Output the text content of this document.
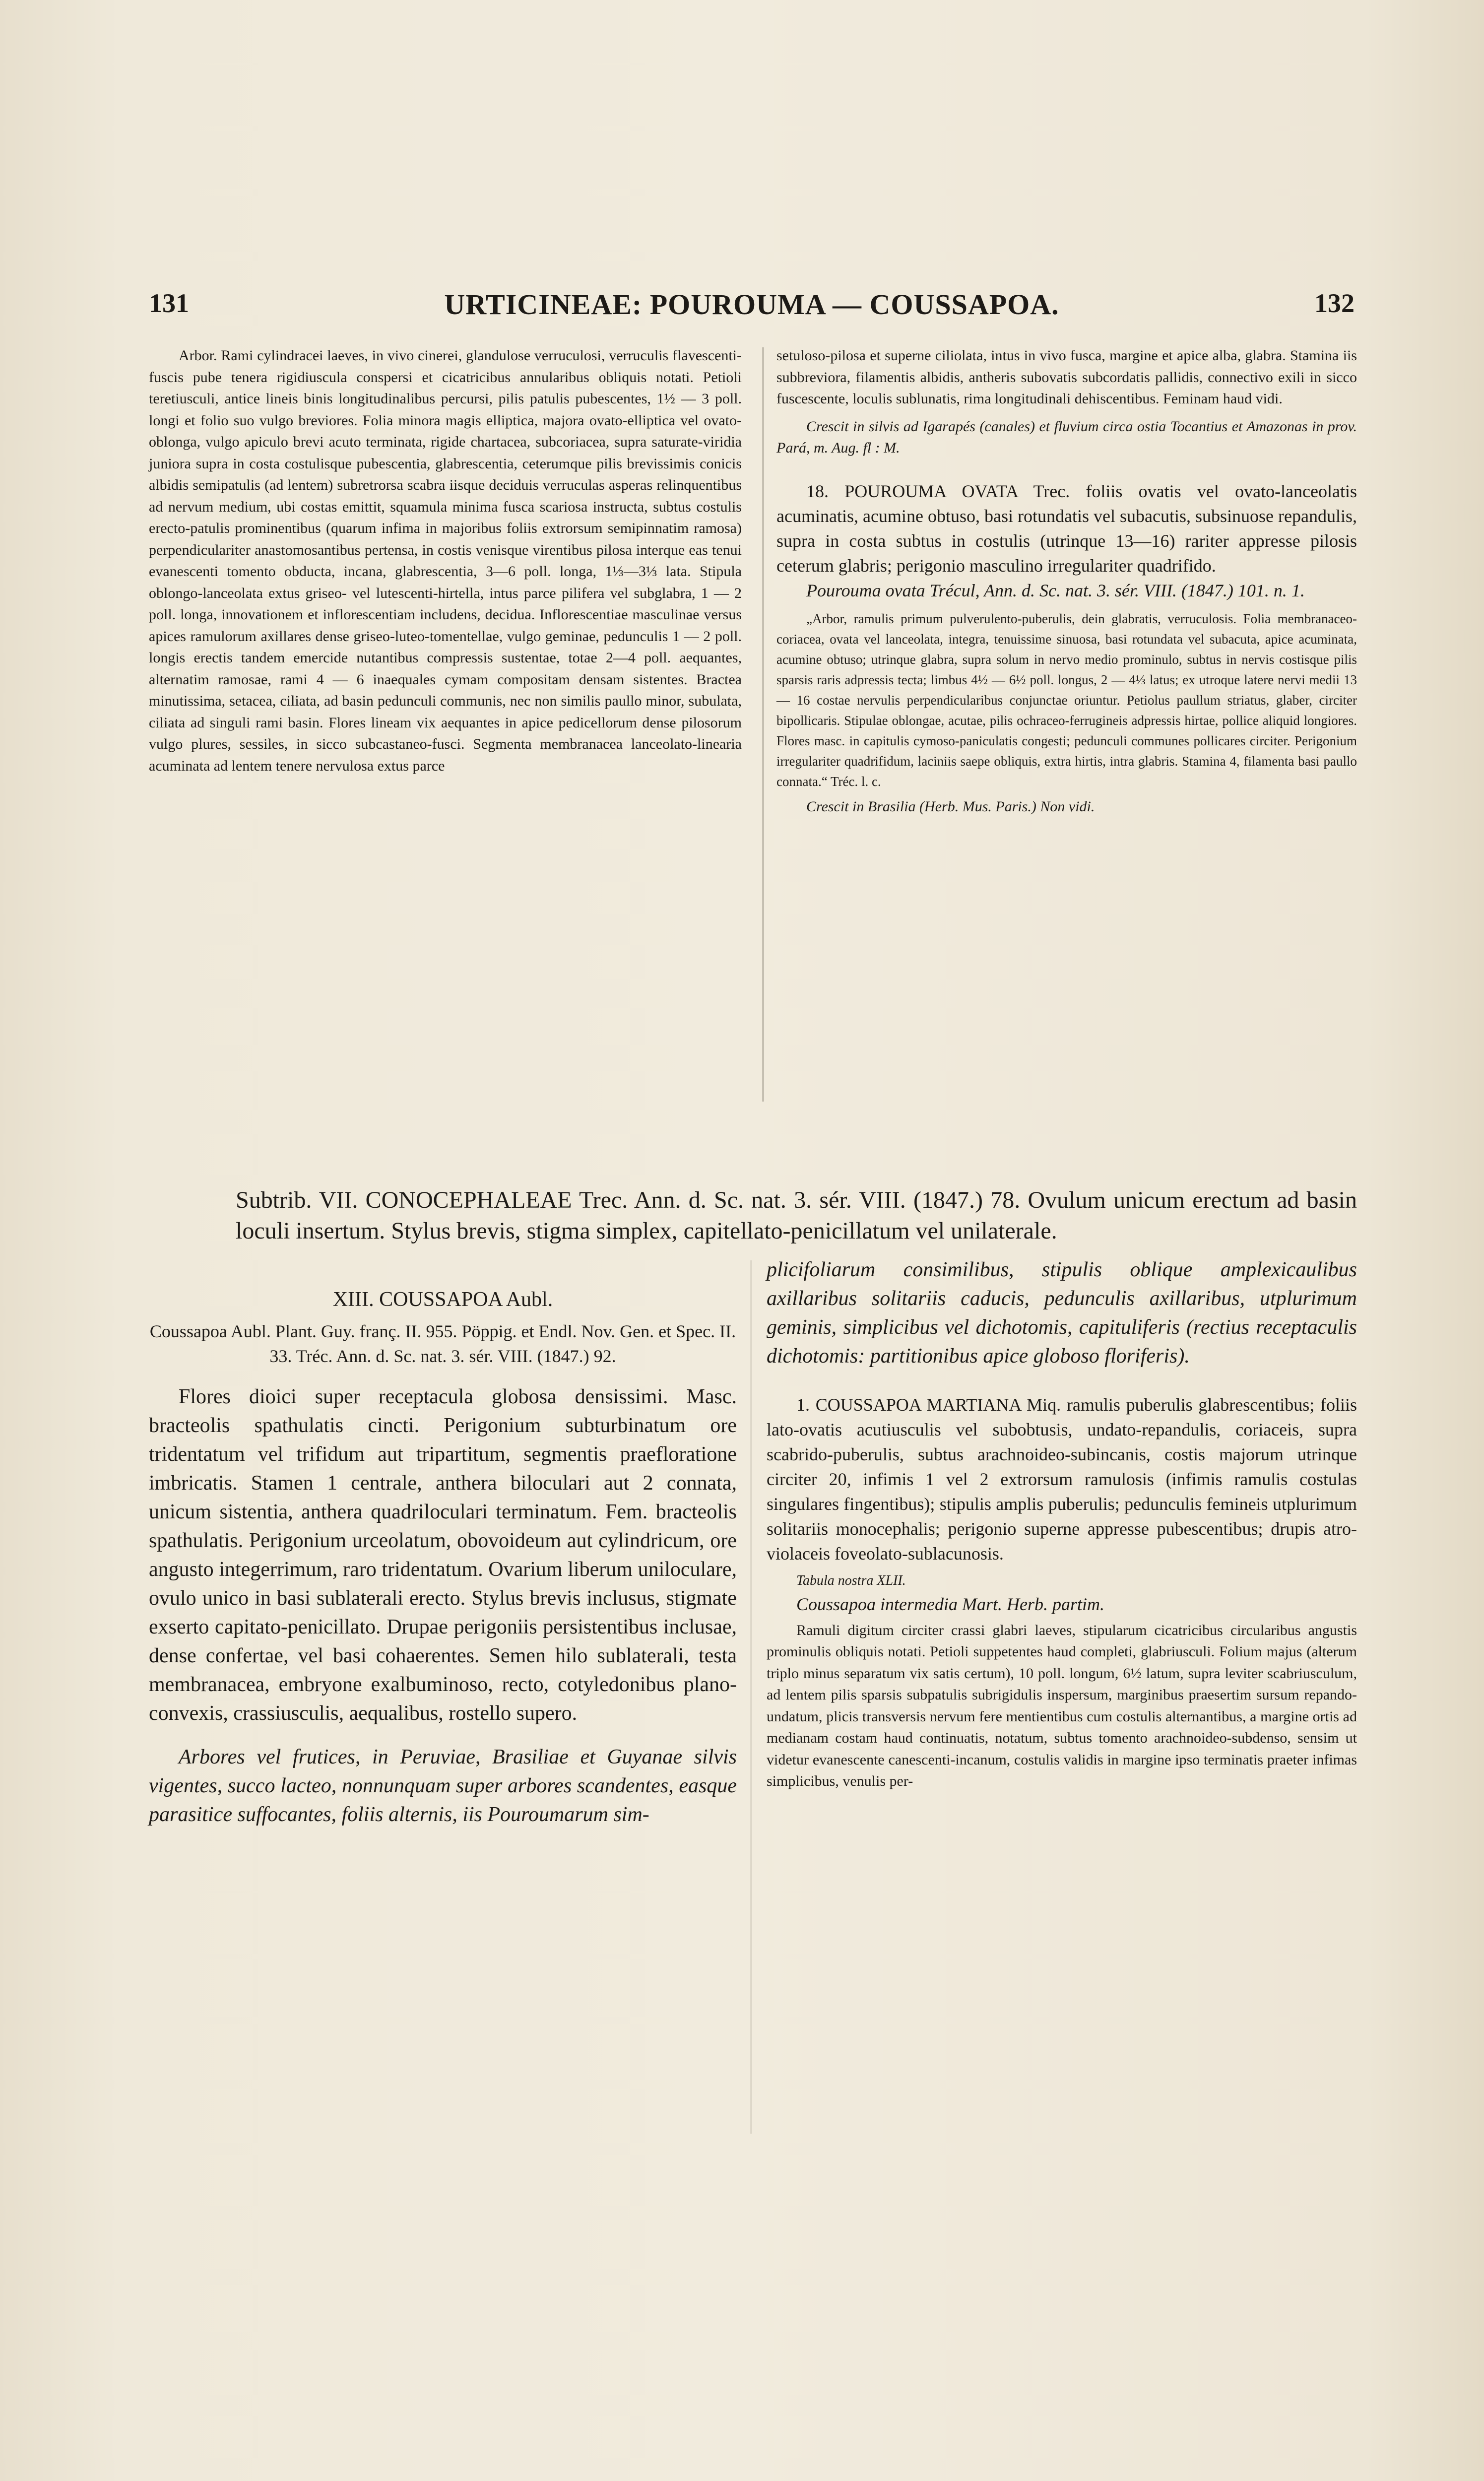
131	URTICINEAE: POUROUMA — COUSSAPOA.	132

Arbor. Rami cylindracei laeves, in vivo cinerei, glandulose verruculosi, verruculis flavescenti-fuscis pube tenera rigidiuscula conspersi et cicatricibus annularibus obliquis notati. Petioli teretiusculi, antice lineis binis longitudinalibus percursi, pilis patulis pubescentes, 1½ — 3 poll. longi et folio suo vulgo breviores. Folia minora magis elliptica, majora ovato-elliptica vel ovato-oblonga, vulgo apiculo brevi acuto terminata, rigide chartacea, subcoriacea, supra saturate-viridia juniora supra in costa costulisque pubescentia, glabrescentia, ceterumque pilis brevissimis conicis albidis semipatulis (ad lentem) subretrorsa scabra iisque deciduis verruculas asperas relinquentibus ad nervum medium, ubi costas emittit, squamula minima fusca scariosa instructa, subtus costulis erecto-patulis prominentibus (quarum infima in majoribus foliis extrorsum semipinnatim ramosa) perpendiculariter anastomosantibus pertensa, in costis venisque virentibus pilosa interque eas tenui evanescenti tomento obducta, incana, glabrescentia, 3—6 poll. longa, 1⅓—3⅓ lata. Stipula oblongo-lanceolata extus griseo- vel lutescenti-hirtella, intus parce pilifera vel subglabra, 1 — 2 poll. longa, innovationem et inflorescentiam includens, decidua. Inflorescentiae masculinae versus apices ramulorum axillares dense griseo-luteo-tomentellae, vulgo geminae, pedunculis 1 — 2 poll. longis erectis tandem emercide nutantibus compressis sustentae, totae 2—4 poll. aequantes, alternatim ramosae, rami 4 — 6 inaequales cymam compositam densam sistentes. Bractea minutissima, setacea, ciliata, ad basin pedunculi communis, nec non similis paullo minor, subulata, ciliata ad singuli rami basin. Flores lineam vix aequantes in apice pedicellorum dense pilosorum vulgo plures, sessiles, in sicco subcastaneo-fusci. Segmenta membranacea lanceolato-linearia acuminata ad lentem tenere nervulosa extus parce

setuloso-pilosa et superne ciliolata, intus in vivo fusca, margine et apice alba, glabra. Stamina iis subbreviora, filamentis albidis, antheris subovatis subcordatis pallidis, connectivo exili in sicco fuscescente, loculis sublunatis, rima longitudinali dehiscentibus. Feminam haud vidi.

Crescit in silvis ad Igarapés (canales) et fluvium circa ostia Tocantius et Amazonas in prov. Pará, m. Aug. fl : M.

18. POUROUMA OVATA Trec. foliis ovatis vel ovato-lanceolatis acuminatis, acumine obtuso, basi rotundatis vel subacutis, subsinuose repandulis, supra in costa subtus in costulis (utrinque 13—16) rariter appresse pilosis ceterum glabris; perigonio masculino irregulariter quadrifido.

Pourouma ovata Trécul, Ann. d. Sc. nat. 3. sér. VIII. (1847.) 101. n. 1.

„Arbor, ramulis primum pulverulento-puberulis, dein glabratis, verruculosis. Folia membranaceo-coriacea, ovata vel lanceolata, integra, tenuissime sinuosa, basi rotundata vel subacuta, apice acuminata, acumine obtuso; utrinque glabra, supra solum in nervo medio prominulo, subtus in nervis costisque pilis sparsis raris adpressis tecta; limbus 4½ — 6½ poll. longus, 2 — 4⅓ latus; ex utroque latere nervi medii 13 — 16 costae nervulis perpendicularibus conjunctae oriuntur. Petiolus paullum striatus, glaber, circiter bipollicaris. Stipulae oblongae, acutae, pilis ochraceo-ferrugineis adpressis hirtae, pollice aliquid longiores. Flores masc. in capitulis cymoso-paniculatis congesti; pedunculi communes pollicares circiter. Perigonium irregulariter quadrifidum, laciniis saepe obliquis, extra hirtis, intra glabris. Stamina 4, filamenta basi paullo connata.“ Tréc. l. c.

Crescit in Brasilia (Herb. Mus. Paris.) Non vidi.

Subtrib. VII. CONOCEPHALEAE Trec. Ann. d. Sc. nat. 3. sér. VIII. (1847.) 78. Ovulum unicum erectum ad basin loculi insertum. Stylus brevis, stigma simplex, capitellato-penicillatum vel unilaterale.

XIII. COUSSAPOA Aubl.

Coussapoa Aubl. Plant. Guy. franç. II. 955. Pöppig. et Endl. Nov. Gen. et Spec. II. 33. Tréc. Ann. d. Sc. nat. 3. sér. VIII. (1847.) 92.

Flores dioici super receptacula globosa densissimi. Masc. bracteolis spathulatis cincti. Perigonium subturbinatum ore tridentatum vel trifidum aut tripartitum, segmentis praefloratione imbricatis. Stamen 1 centrale, anthera biloculari aut 2 connata, unicum sistentia, anthera quadriloculari terminatum. Fem. bracteolis spathulatis. Perigonium urceolatum, obovoideum aut cylindricum, ore angusto integerrimum, raro tridentatum. Ovarium liberum uniloculare, ovulo unico in basi sublaterali erecto. Stylus brevis inclusus, stigmate exserto capitato-penicillato. Drupae perigoniis persistentibus inclusae, dense confertae, vel basi cohaerentes. Semen hilo sublaterali, testa membranacea, embryone exalbuminoso, recto, cotyledonibus plano-convexis, crassiusculis, aequalibus, rostello supero.

Arbores vel frutices, in Peruviae, Brasiliae et Guyanae silvis vigentes, succo lacteo, nonnunquam super arbores scandentes, easque parasitice suffocantes, foliis alternis, iis Pouroumarum sim-

plicifoliarum consimilibus, stipulis oblique amplexicaulibus axillaribus solitariis caducis, pedunculis axillaribus, utplurimum geminis, simplicibus vel dichotomis, capituliferis (rectius receptaculis dichotomis: partitionibus apice globoso floriferis).

1. COUSSAPOA MARTIANA Miq. ramulis puberulis glabrescentibus; foliis lato-ovatis acutiusculis vel subobtusis, undato-repandulis, coriaceis, supra scabrido-puberulis, subtus arachnoideo-subincanis, costis majorum utrinque circiter 20, infimis 1 vel 2 extrorsum ramulosis (infimis ramulis costulas singulares fingentibus); stipulis amplis puberulis; pedunculis femineis utplurimum solitariis monocephalis; perigonio superne appresse pubescentibus; drupis atro-violaceis foveolato-sublacunosis.

Tabula nostra XLII.

Coussapoa intermedia Mart. Herb. partim.

Ramuli digitum circiter crassi glabri laeves, stipularum cicatricibus circularibus angustis prominulis obliquis notati. Petioli suppetentes haud completi, glabriusculi. Folium majus (alterum triplo minus separatum vix satis certum), 10 poll. longum, 6½ latum, supra leviter scabriusculum, ad lentem pilis sparsis subpatulis subrigidulis inspersum, marginibus praesertim sursum repando-undatum, plicis transversis nervum fere mentientibus cum costulis alternantibus, a margine ortis ad medianam costam haud continuatis, notatum, subtus tomento arachnoideo-subdenso, sensim ut videtur evanescente canescenti-incanum, costulis validis in margine ipso terminatis praeter infimas simplicibus, venulis per-
